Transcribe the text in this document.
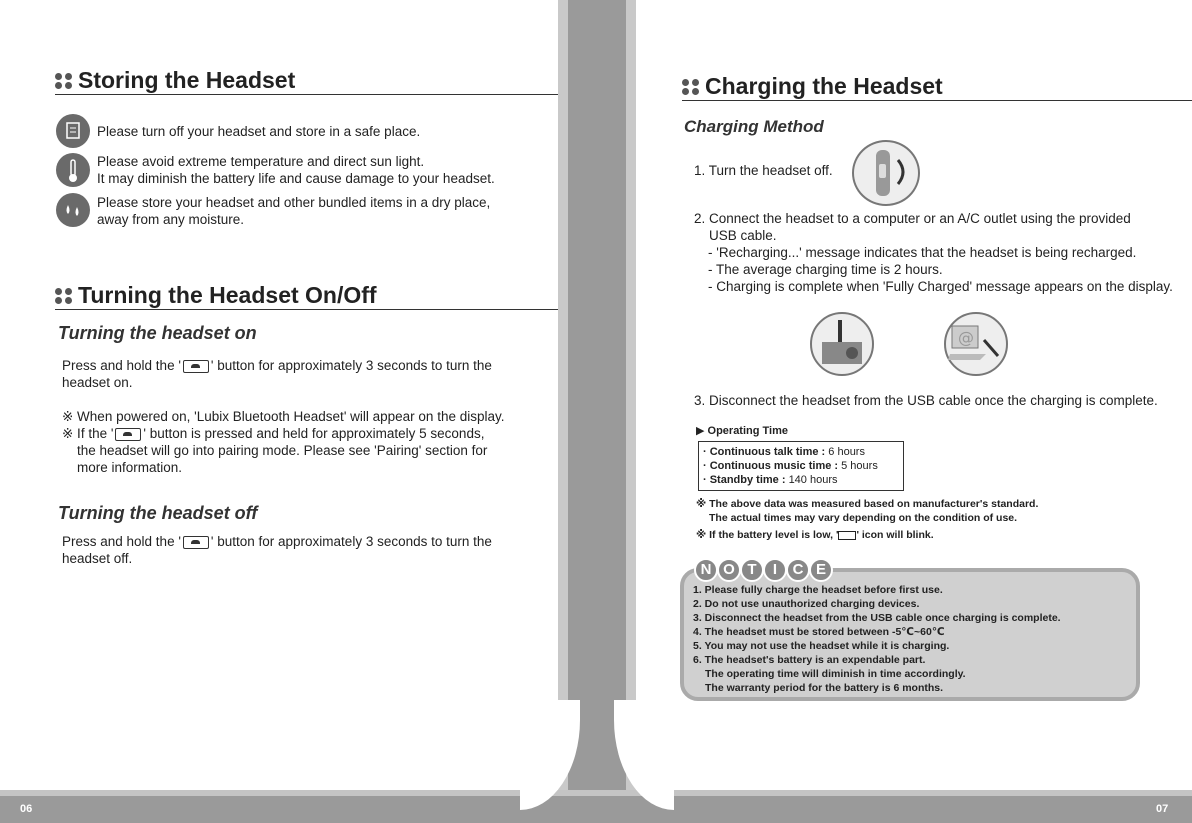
06	07
Storing the Headset
Please turn off your headset and store in a safe place.
Please avoid extreme temperature and direct sun light.
It may diminish the battery life and cause damage to your headset.
Please store your headset and other bundled items in a dry place,
away from any moisture.
Turning the Headset On/Off
Turning the headset on
Press and hold the ' ' button for approximately 3 seconds to turn the
headset on.
※ When powered on, 'Lubix Bluetooth Headset' will appear on the display.
※ If the ' ' button is pressed and held for approximately 5 seconds,
the headset will go into pairing mode. Please see 'Pairing' section for
more information.
Turning the headset off
Press and hold the ' ' button for approximately 3 seconds to turn the
headset off.
Charging the Headset
Charging Method
1. Turn the headset off.
2. Connect the headset to a computer or an A/C outlet using the provided
USB cable.
- 'Recharging...' message indicates that the headset is being recharged.
- The average charging time is 2 hours.
- Charging is complete when 'Fully Charged' message appears on the display.
@
3. Disconnect the headset from the USB cable once the charging is complete.
▶ Operating Time
· Continuous talk time : 6 hours
· Continuous music time : 5 hours
· Standby time : 140 hours
※ The above data was measured based on manufacturer's standard.
The actual times may vary depending on the condition of use.
※ If the battery level is low, ' ' icon will blink.
N O T	I	C E
1. Please fully charge the headset before first use.
2. Do not use unauthorized charging devices.
3. Disconnect the headset from the USB cable once charging is complete.
4. The headset must be stored between -5℃~60℃
5. You may not use the headset while it is charging.
6. The headset's battery is an expendable part.
The operating time will diminish in time accordingly.
The warranty period for the battery is 6 months.
